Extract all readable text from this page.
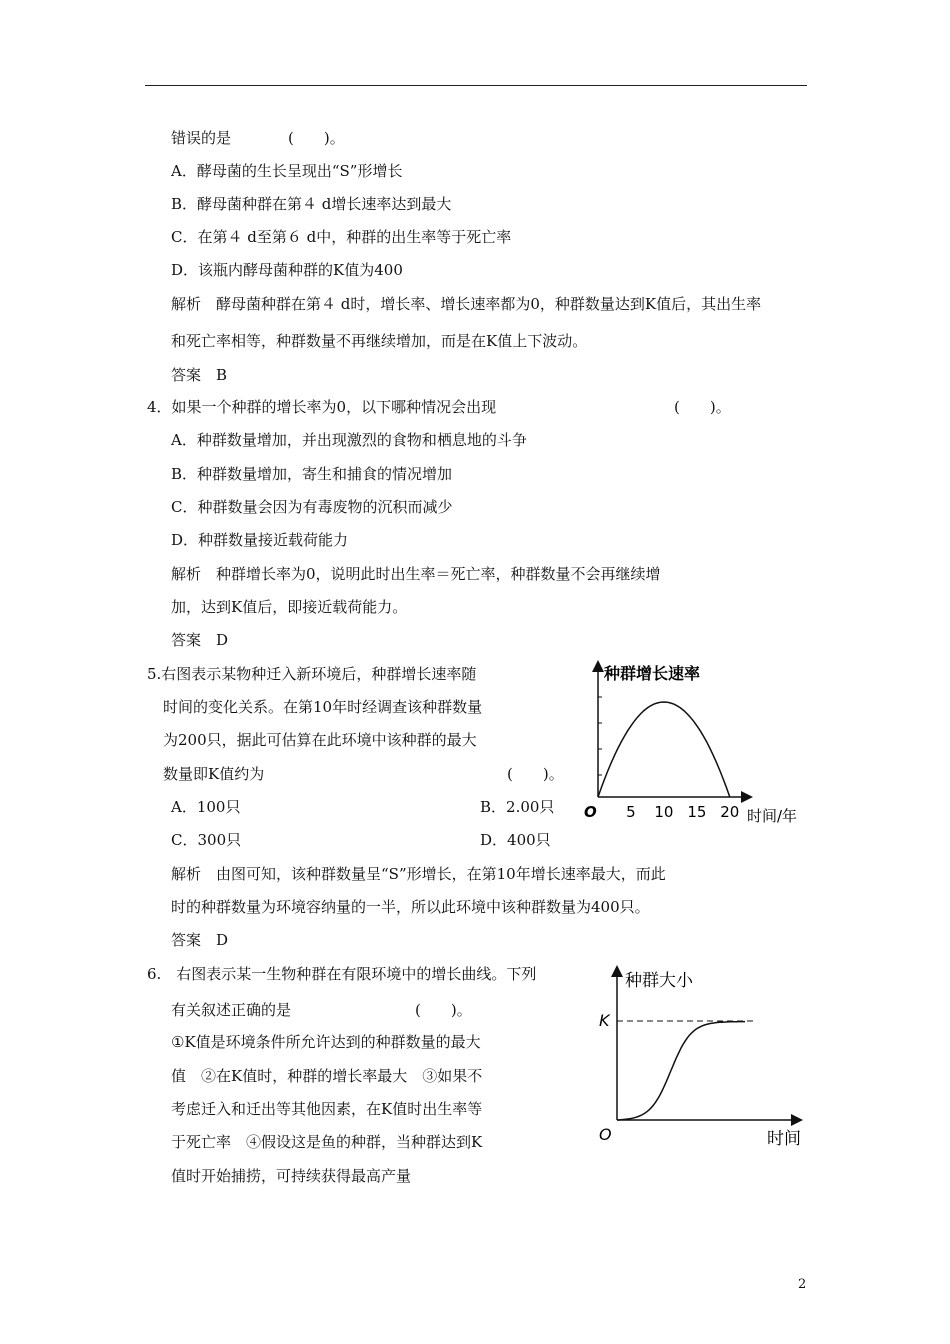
错误的是	(　　)。
A．酵母菌的生长呈现出“S”形增长
B．酵母菌种群在第４ d增长速率达到最大
C．在第４ d至第６ d中，种群的出生率等于死亡率
D．该瓶内酵母菌种群的K值为400
解析　酵母菌种群在第４ d时，增长率、增长速率都为0，种群数量达到K值后，其出生率
和死亡率相等，种群数量不再继续增加，而是在K值上下波动。
答案　B
4．如果一个种群的增长率为0，以下哪种情况会出现	(　　)。
A．种群数量增加，并出现激烈的食物和栖息地的斗争
B．种群数量增加，寄生和捕食的情况增加
C．种群数量会因为有毒废物的沉积而减少
D．种群数量接近载荷能力
解析　种群增长率为0，说明此时出生率＝死亡率，种群数量不会再继续增
加，达到K值后，即接近载荷能力。
答案　D
5.右图表示某物种迁入新环境后，种群增长速率随
时间的变化关系。在第10年时经调查该种群数量
为200只，据此可估算在此环境中该种群的最大
数量即K值约为	(　　)。
A．100只	B．2.00只
C．300只	D．400只
解析　由图可知，该种群数量呈“S”形增长，在第10年增长速率最大，而此
时的种群数量为环境容纳量的一半，所以此环境中该种群数量为400只。
答案　D
种群增长速率
O 5 10 15 20 时间/年
6.　右图表示某一生物种群在有限环境中的增长曲线。下列
有关叙述正确的是	(　　)。
①K值是环境条件所允许达到的种群数量的最大
值　②在K值时，种群的增长率最大　③如果不
考虑迁入和迁出等其他因素，在K值时出生率等
于死亡率　④假设这是鱼的种群，当种群达到K
值时开始捕捞，可持续获得最高产量
种群大小
K
O	时间
2
